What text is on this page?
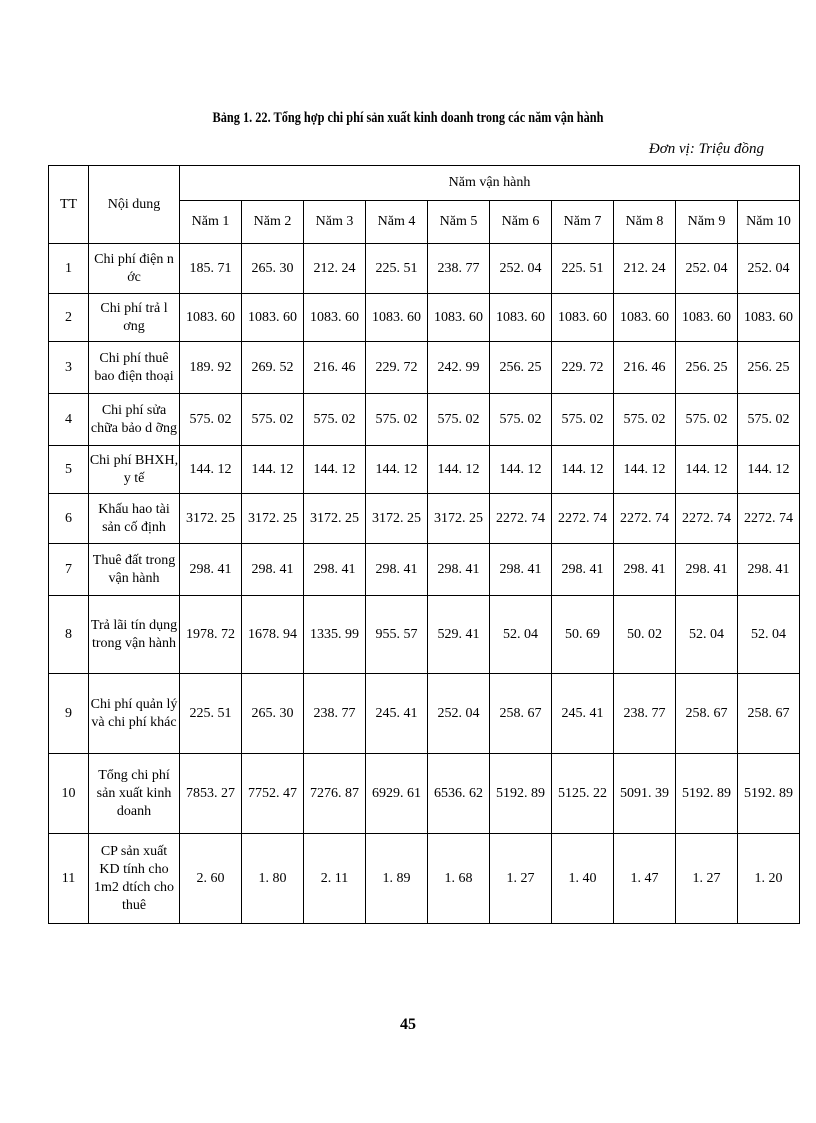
Bảng 1. 22. Tổng hợp chi phí sản xuất kinh doanh trong các năm vận hành
Đơn vị: Triệu đồng
TT	Nội dung	Năm vận hành									
		Năm 1	Năm 2	Năm 3	Năm 4	Năm 5	Năm 6	Năm 7	Năm 8	Năm 9	Năm 10
1	Chi phí điện n ớc	185. 71	265. 30	212. 24	225. 51	238. 77	252. 04	225. 51	212. 24	252. 04	252. 04
2	Chi phí trả l ơng	1083. 60	1083. 60	1083. 60	1083. 60	1083. 60	1083. 60	1083. 60	1083. 60	1083. 60	1083. 60
3	Chi phí thuê bao điện thoại	189. 92	269. 52	216. 46	229. 72	242. 99	256. 25	229. 72	216. 46	256. 25	256. 25
4	Chi phí sửa chữa bảo d ỡng	575. 02	575. 02	575. 02	575. 02	575. 02	575. 02	575. 02	575. 02	575. 02	575. 02
5	Chi phí BHXH, y tế	144. 12	144. 12	144. 12	144. 12	144. 12	144. 12	144. 12	144. 12	144. 12	144. 12
6	Khấu hao tài sản cố định	3172. 25	3172. 25	3172. 25	3172. 25	3172. 25	2272. 74	2272. 74	2272. 74	2272. 74	2272. 74
7	Thuê đất trong vận hành	298. 41	298. 41	298. 41	298. 41	298. 41	298. 41	298. 41	298. 41	298. 41	298. 41
8	Trả lãi tín dụng trong vận hành	1978. 72	1678. 94	1335. 99	955. 57	529. 41	52. 04	50. 69	50. 02	52. 04	52. 04
9	Chi phí quản lý và chi phí khác	225. 51	265. 30	238. 77	245. 41	252. 04	258. 67	245. 41	238. 77	258. 67	258. 67
10	Tổng chi phí sản xuất kinh doanh	7853. 27	7752. 47	7276. 87	6929. 61	6536. 62	5192. 89	5125. 22	5091. 39	5192. 89	5192. 89
11	CP sản xuất KD tính cho 1m2 dtích cho thuê	2. 60	1. 80	2. 11	1. 89	1. 68	1. 27	1. 40	1. 47	1. 27	1. 20
45
